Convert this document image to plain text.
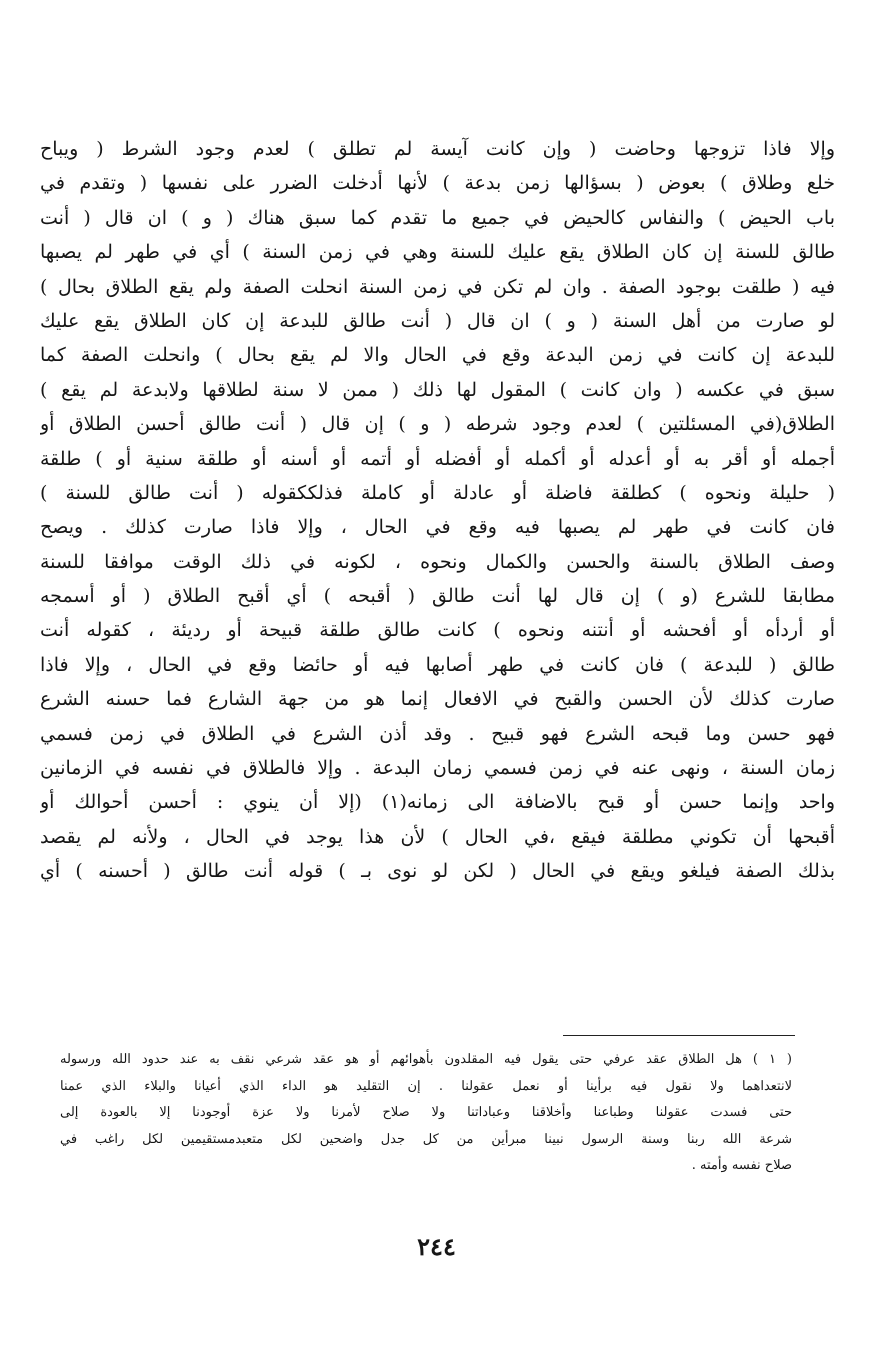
وإلا فاذا تزوجها وحاضت ( وإن كانت آيسة لم تطلق ) لعدم وجود الشرط ( ويباح
خلع وطلاق ) بعوض ( بسؤالها زمن بدعة ) لأنها أدخلت الضرر على نفسها ( وتقدم في
باب الحيض ) والنفاس كالحيض في جميع ما تقدم كما سبق هناك ( و ) ان قال ( أنت
طالق للسنة إن كان الطلاق يقع عليك للسنة وهي في زمن السنة ) أي في طهر لم يصبها
فيه ( طلقت بوجود الصفة . وان لم تكن في زمن السنة انحلت الصفة ولم يقع الطلاق بحال )
لو صارت من أهل السنة ( و ) ان قال ( أنت طالق للبدعة إن كان الطلاق يقع عليك
للبدعة إن كانت في زمن البدعة وقع في الحال والا لم يقع بحال ) وانحلت الصفة كما
سبق في عكسه ( وان كانت ) المقول لها ذلك ( ممن لا سنة لطلاقها ولابدعة لم يقع )
الطلاق(في المسئلتين ) لعدم وجود شرطه ( و ) إن قال ( أنت طالق أحسن الطلاق أو
أجمله أو أقر به أو أعدله أو أكمله أو أفضله أو أتمه أو أسنه أو طلقة سنية أو ) طلقة
( حليلة ونحوه ) كطلقة فاضلة أو عادلة أو كاملة فذلككقوله ( أنت طالق للسنة )
فان كانت في طهر لم يصبها فيه وقع في الحال ، وإلا فاذا صارت كذلك . ويصح
وصف الطلاق بالسنة والحسن والكمال ونحوه ، لكونه في ذلك الوقت موافقا للسنة
مطابقا للشرع (و ) إن قال لها أنت طالق ( أقبحه ) أي أقبح الطلاق ( أو أسمجه
أو أردأه أو أفحشه أو أنتنه ونحوه ) كانت طالق طلقة قبيحة أو رديئة ، كقوله أنت
طالق ( للبدعة ) فان كانت في طهر أصابها فيه أو حائضا وقع في الحال ، وإلا فاذا
صارت كذلك لأن الحسن والقبح في الافعال إنما هو من جهة الشارع فما حسنه الشرع
فهو حسن وما قبحه الشرع فهو قبيح . وقد أذن الشرع في الطلاق في زمن فسمي
زمان السنة ، ونهى عنه في زمن فسمي زمان البدعة . وإلا فالطلاق في نفسه في الزمانين
واحد وإنما حسن أو قبح بالاضافة الى زمانه(١) (إلا أن ينوي : أحسن أحوالك أو
أقبحها أن تكوني مطلقة فيقع ،في الحال ) لأن هذا يوجد في الحال ، ولأنه لم يقصد
بذلك الصفة فيلغو ويقع في الحال ( لكن لو نوى بـ ) قوله أنت طالق ( أحسنه ) أي
( ١ ) هل الطلاق عقد عرفي حتى يقول فيه المقلدون بأهوائهم أو هو عقد شرعي نقف به عند حدود الله ورسوله
لانتعداهما ولا نقول فيه برأينا أو نعمل عقولنا . إن التقليد هو الداء الذي أعيانا والبلاء الذي عمنا
حتى فسدت عقولنا وطباعنا وأخلاقنا وعباداتنا ولا صلاح لأمرنا ولا عزة أوجودنا إلا بالعودة إلى
شرعة الله ربنا وسنة الرسول نبينا مبرأين من كل جدل واضحين لكل متعبدمستقيمين لكل راغب في
صلاح نفسه وأمته .
٢٤٤
